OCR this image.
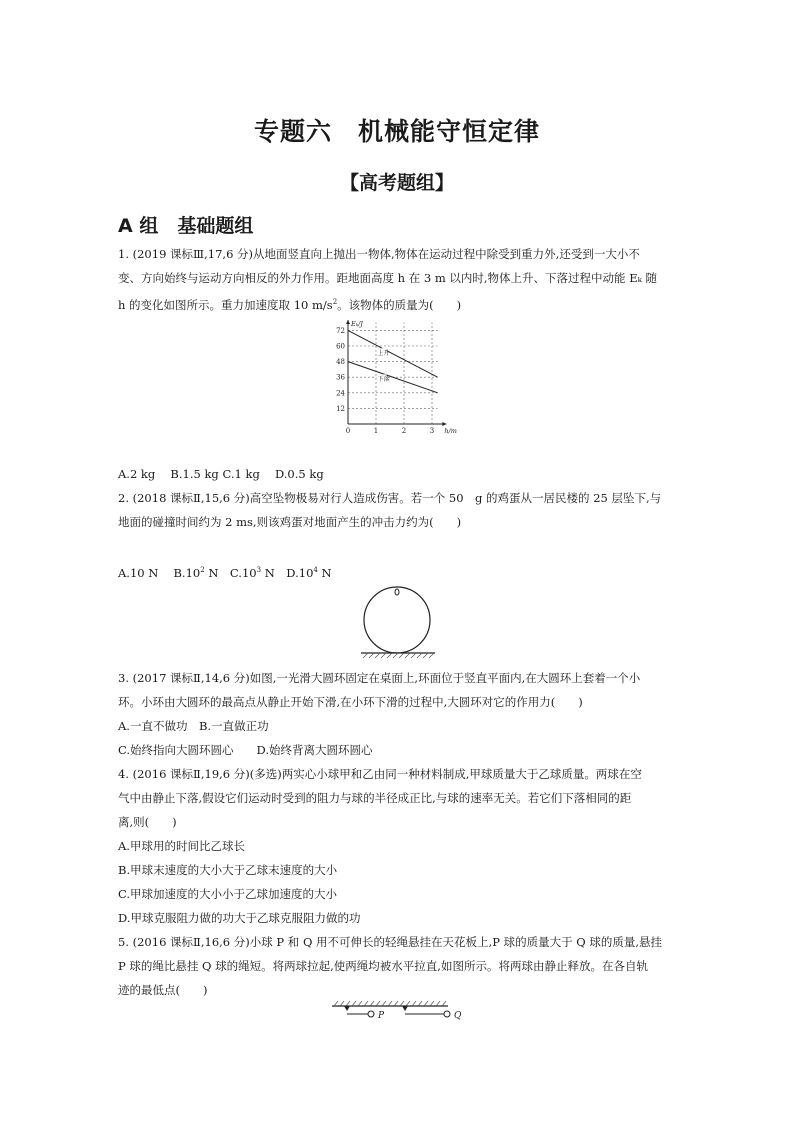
专题六　机械能守恒定律
【高考题组】
A 组　基础题组
1. (2019 课标Ⅲ,17,6 分)从地面竖直向上抛出一物体,物体在运动过程中除受到重力外,还受到一大小不
变、方向始终与运动方向相反的外力作用。距地面高度 h 在 3 m 以内时,物体上升、下落过程中动能 Eₖ 随
h 的变化如图所示。重力加速度取 10 $m/s^2$。该物体的质量为(　　)
12
24
36
48
60
72
0	1	2	3
Eₖ/J
h/m
上升
下落
A.2 kg　 B.1.5 kg C.1 kg　 D.0.5 kg
2. (2018 课标Ⅱ,15,6 分)高空坠物极易对行人造成伤害。若一个 50　g 的鸡蛋从一居民楼的 25 层坠下,与
地面的碰撞时间约为 2 ms,则该鸡蛋对地面产生的冲击力约为(　　)
A.10 N　 $B.10^2$ N　$C.10^3$ N　$D.10^4$ N
3. (2017 课标Ⅱ,14,6 分)如图,一光滑大圆环固定在桌面上,环面位于竖直平面内,在大圆环上套着一个小
环。小环由大圆环的最高点从静止开始下滑,在小环下滑的过程中,大圆环对它的作用力(　　)
A.一直不做功　B.一直做正功
C.始终指向大圆环圆心　　D.始终背离大圆环圆心
4. (2016 课标Ⅱ,19,6 分)(多选)两实心小球甲和乙由同一种材料制成,甲球质量大于乙球质量。两球在空
气中由静止下落,假设它们运动时受到的阻力与球的半径成正比,与球的速率无关。若它们下落相同的距
离,则(　　)
A.甲球用的时间比乙球长
B.甲球末速度的大小大于乙球末速度的大小
C.甲球加速度的大小小于乙球加速度的大小
D.甲球克服阻力做的功大于乙球克服阻力做的功
5. (2016 课标Ⅱ,16,6 分)小球 P 和 Q 用不可伸长的轻绳悬挂在天花板上,P 球的质量大于 Q 球的质量,悬挂
P 球的绳比悬挂 Q 球的绳短。将两球拉起,使两绳均被水平拉直,如图所示。将两球由静止释放。在各自轨
迹的最低点(　　)
P	Q
